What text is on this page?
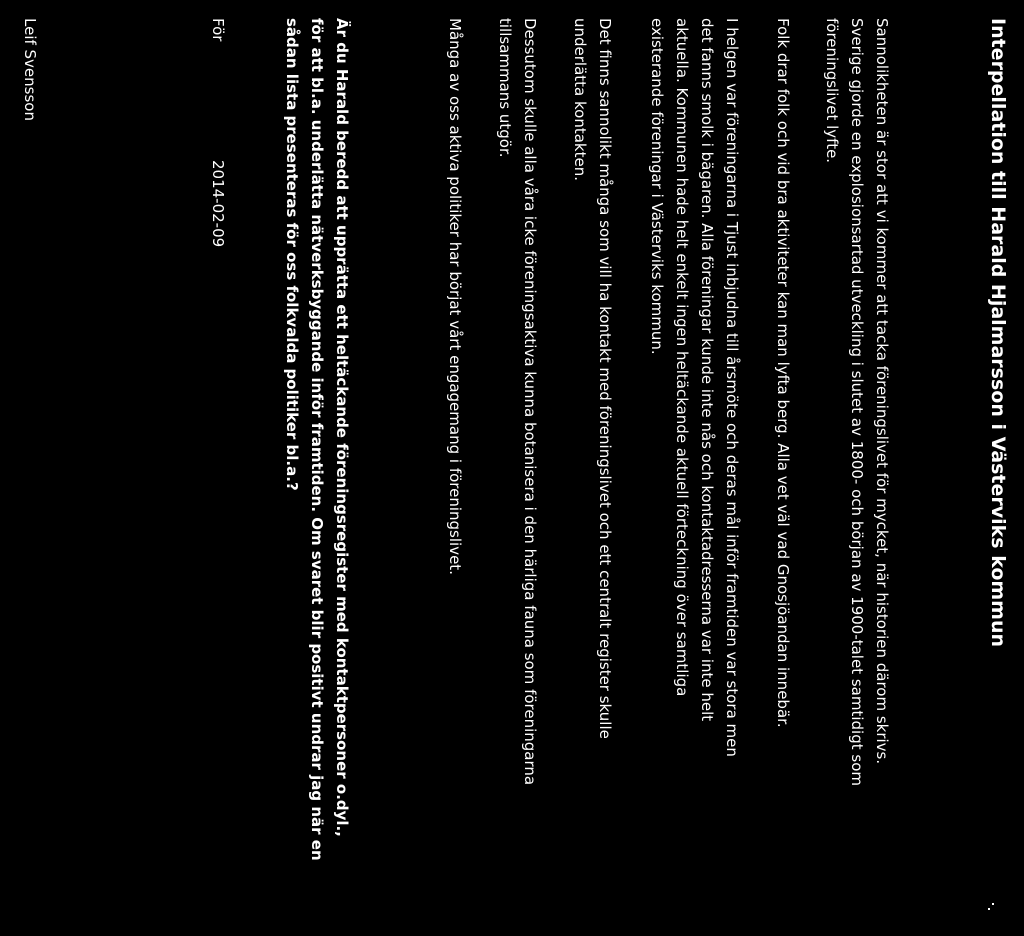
Interpellation till Harald Hjalmarsson i Västerviks kommun
Sannolikheten är stor att vi kommer att tacka föreningslivet för mycket, när historien därom skrivs.
Sverige gjorde en explosionsartad utveckling i slutet av 1800- och början av 1900-talet samtidigt som
föreningslivet lyfte.
Folk drar folk och vid bra aktiviteter kan man lyfta berg. Alla vet väl vad Gnosjöandan innebär.
I helgen var föreningarna i Tjust inbjudna till årsmöte och deras mål inför framtiden var stora men
det fanns smolk i bägaren. Alla föreningar kunde inte nås och kontaktadresserna var inte helt
aktuella. Kommunen hade helt enkelt ingen heltäckande aktuell förteckning över samtliga
existerande föreningar i Västerviks kommun.
Det finns sannolikt många som vill ha kontakt med föreningslivet och ett centralt register skulle
underlätta kontakten.
Dessutom skulle alla våra icke föreningsaktiva kunna botanisera i den härliga fauna som föreningarna
tillsammans utgör.
Många av oss aktiva politiker har börjat vårt engagemang i föreningslivet.
Är du Harald beredd att upprätta ett heltäckande föreningsregister med kontaktpersoner o.dyl.,
för att bl.a. underlätta nätverksbyggande inför framtiden. Om svaret blir positivt undrar jag när en
sådan lista presenteras för oss folkvalda politiker bl.a.?
För
2014-02-09
Leif Svensson
